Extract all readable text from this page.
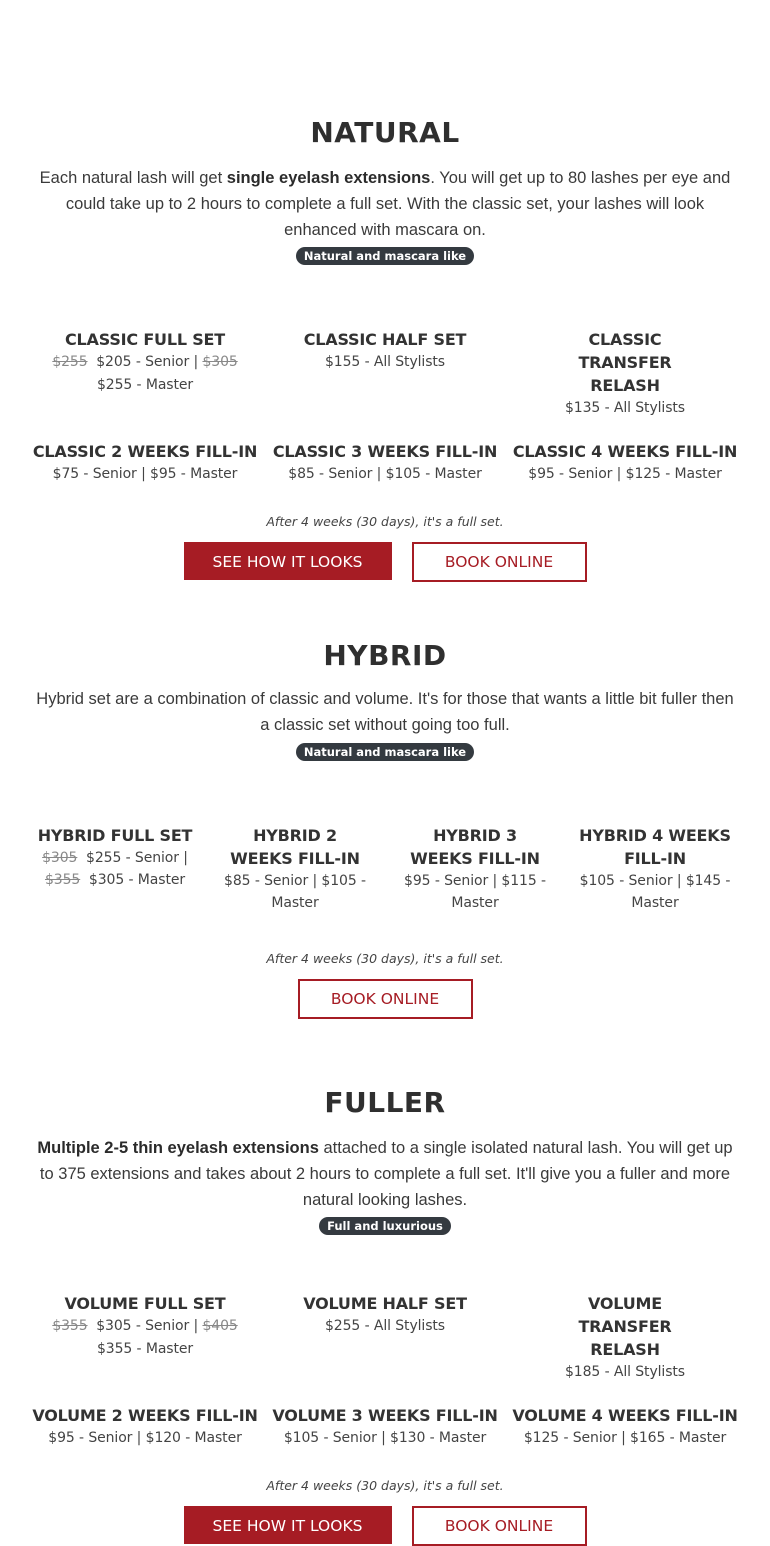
NATURAL

Each natural lash will get single eyelash extensions. You will get up to 80 lashes per eye and could take up to 2 hours to complete a full set. With the classic set, your lashes will look enhanced with mascara on.

Natural and mascara like

CLASSIC FULL SET

$255 $205 - Senior | $305
$255 - Master

CLASSIC HALF SET

$155 - All Stylists

CLASSIC TRANSFER RELASH

$135 - All Stylists

CLASSIC 2 WEEKS FILL-IN

$75 - Senior | $95 - Master

CLASSIC 3 WEEKS FILL-IN

$85 - Senior | $105 - Master

CLASSIC 4 WEEKS FILL-IN

$95 - Senior | $125 - Master

After 4 weeks (30 days), it's a full set.

SEE HOW IT LOOKS	BOOK ONLINE
HYBRID

Hybrid set are a combination of classic and volume. It's for those that wants a little bit fuller then a classic set without going too full.

Natural and mascara like

HYBRID FULL SET

$305 $255 - Senior |
$355 $305 - Master

HYBRID 2 WEEKS FILL-IN

$85 - Senior | $105 - Master

HYBRID 3 WEEKS FILL-IN

$95 - Senior | $115 - Master

HYBRID 4 WEEKS FILL-IN

$105 - Senior | $145 - Master

After 4 weeks (30 days), it's a full set.

BOOK ONLINE
FULLER

Multiple 2-5 thin eyelash extensions attached to a single isolated natural lash. You will get up to 375 extensions and takes about 2 hours to complete a full set. It'll give you a fuller and more natural looking lashes.

Full and luxurious

VOLUME FULL SET

$355 $305 - Senior | $405
$355 - Master

VOLUME HALF SET

$255 - All Stylists

VOLUME TRANSFER RELASH

$185 - All Stylists

VOLUME 2 WEEKS FILL-IN

$95 - Senior | $120 - Master

VOLUME 3 WEEKS FILL-IN

$105 - Senior | $130 - Master

VOLUME 4 WEEKS FILL-IN

$125 - Senior | $165 - Master

After 4 weeks (30 days), it's a full set.

SEE HOW IT LOOKS	BOOK ONLINE
